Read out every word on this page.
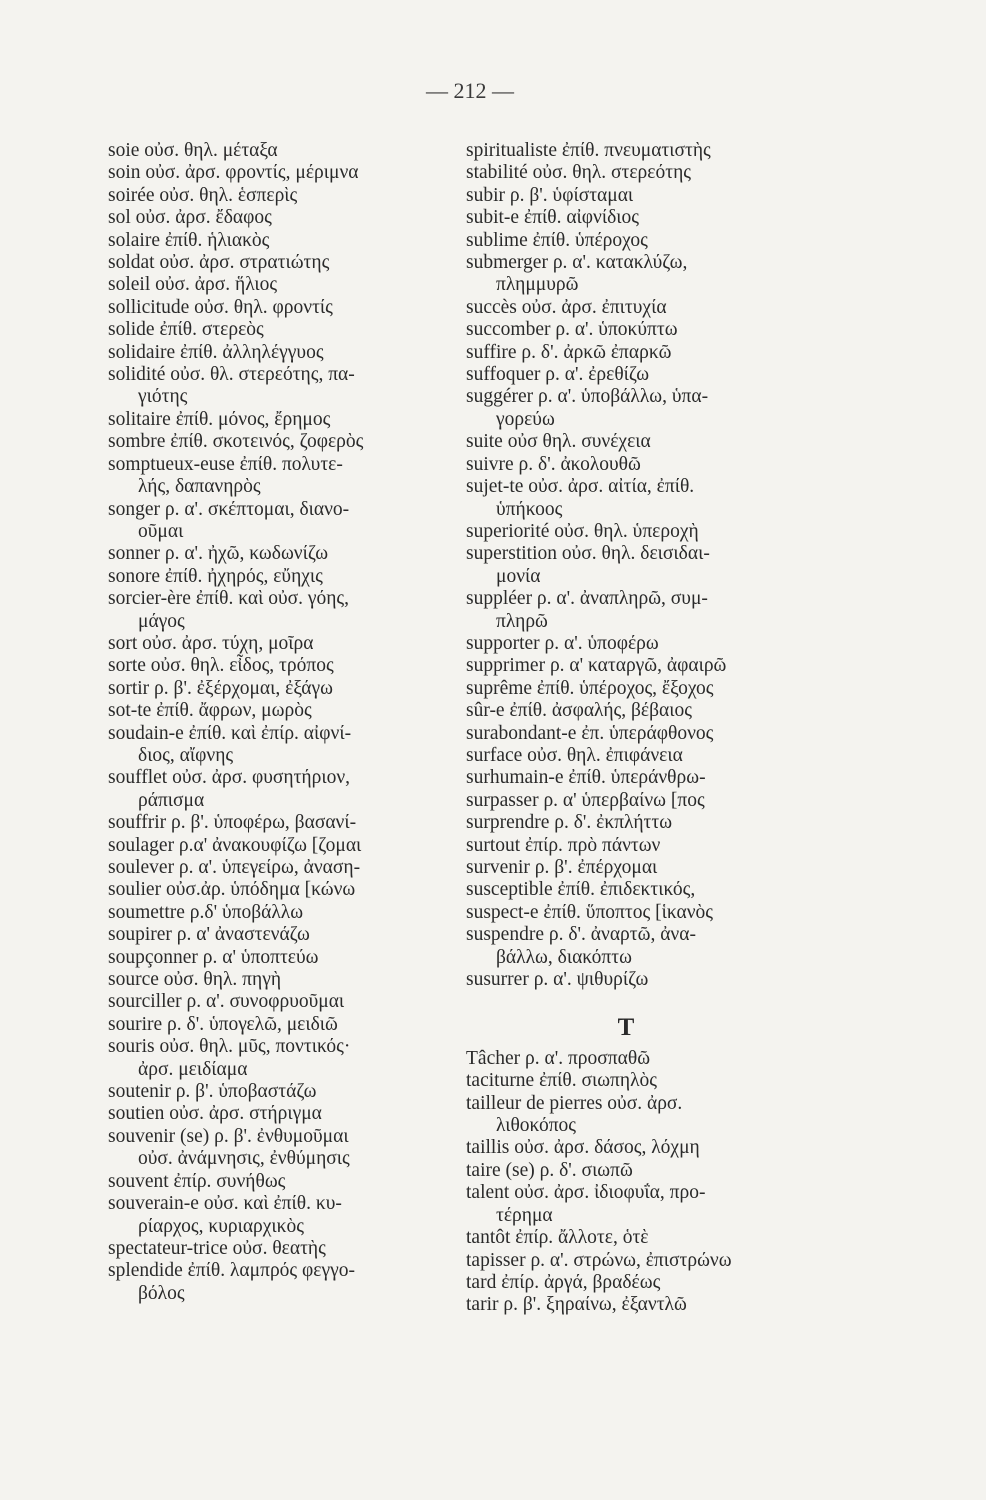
— 212 —
soie οὐσ. θηλ. μέταξα
soin οὐσ. ἀρσ. φροντίς, μέριμνα
soirée οὐσ. θηλ. ἑσπερὶς
sol οὐσ. ἀρσ. ἔδαφος
solaire ἐπίθ. ἡλιακὸς
soldat οὐσ. ἀρσ. στρατιώτης
soleil οὐσ. ἀρσ. ἥλιος
sollicitude οὐσ. θηλ. φροντίς
solide ἐπίθ. στερεὸς
solidaire ἐπίθ. ἀλληλέγγυος
solidité οὐσ. θλ. στερεότης, πα-
γιότης
solitaire ἐπίθ. μόνος, ἔρημος
sombre ἐπίθ. σκοτεινός, ζοφερὸς
somptueux-euse ἐπίθ. πολυτε-
λής, δαπανηρὸς
songer ρ. α'. σκέπτομαι, διανο-
οῦμαι
sonner ρ. α'. ἠχῶ, κωδωνίζω
sonore ἐπίθ. ἠχηρός, εὔηχις
sorcier-ère ἐπίθ. καὶ οὐσ. γόης,
μάγος
sort οὐσ. ἀρσ. τύχη, μοῖρα
sorte οὐσ. θηλ. εἶδος, τρόπος
sortir ρ. β'. ἐξέρχομαι, ἐξάγω
sot-te ἐπίθ. ἄφρων, μωρὸς
soudain-e ἐπίθ. καὶ ἐπίρ. αἰφνί-
διος, αἴφνης
soufflet οὐσ. ἀρσ. φυσητήριον,
ράπισμα
souffrir ρ. β'. ὑποφέρω, βασανί-
soulager ρ.α' ἀνακουφίζω [ζομαι
soulever ρ. α'. ὑπεγείρω, ἀναση-
soulier οὐσ.ἀρ. ὑπόδημα [κώνω
soumettre ρ.δ' ὑποβάλλω
soupirer ρ. α' ἀναστενάζω
soupçonner ρ. α' ὑποπτεύω
source οὐσ. θηλ. πηγὴ
sourciller ρ. α'. συνοφρυοῦμαι
sourire ρ. δ'. ὑπογελῶ, μειδιῶ
souris οὐσ. θηλ. μῦς, ποντικός·
ἀρσ. μειδίαμα
soutenir ρ. β'. ὑποβαστάζω
soutien οὐσ. ἀρσ. στήριγμα
souvenir (se) ρ. β'. ἐνθυμοῦμαι
οὐσ. ἀνάμνησις, ἐνθύμησις
souvent ἐπίρ. συνήθως
souverain-e οὐσ. καὶ ἐπίθ. κυ-
ρίαρχος, κυριαρχικὸς
spectateur-trice οὐσ. θεατὴς
splendide ἐπίθ. λαμπρός φεγγο-
βόλος
spiritualiste ἐπίθ. πνευματιστὴς
stabilité οὐσ. θηλ. στερεότης
subir ρ. β'. ὑφίσταμαι
subit-e ἐπίθ. αἰφνίδιος
sublime ἐπίθ. ὑπέροχος
submerger ρ. α'. κατακλύζω,
πλημμυρῶ
succès οὐσ. ἀρσ. ἐπιτυχία
succomber ρ. α'. ὑποκύπτω
suffire ρ. δ'. ἀρκῶ ἐπαρκῶ
suffoquer ρ. α'. ἐρεθίζω
suggérer ρ. α'. ὑποβάλλω, ὑπα-
γορεύω
suite οὐσ θηλ. συνέχεια
suivre ρ. δ'. ἀκολουθῶ
sujet-te οὐσ. ἀρσ. αἰτία, ἐπίθ.
ὑπήκοος
superiorité οὐσ. θηλ. ὑπεροχὴ
superstition οὐσ. θηλ. δεισιδαι-
μονία
suppléer ρ. α'. ἀναπληρῶ, συμ-
πληρῶ
supporter ρ. α'. ὑποφέρω
supprimer ρ. α' καταργῶ, ἀφαιρῶ
suprême ἐπίθ. ὑπέροχος, ἔξοχος
sûr-e ἐπίθ. ἀσφαλής, βέβαιος
surabondant-e ἐπ. ὑπεράφθονος
surface οὐσ. θηλ. ἐπιφάνεια
surhumain-e ἐπίθ. ὑπεράνθρω-
surpasser ρ. α' ὑπερβαίνω [πος
surprendre ρ. δ'. ἐκπλήττω
surtout ἐπίρ. πρὸ πάντων
survenir ρ. β'. ἐπέρχομαι
susceptible ἐπίθ. ἐπιδεκτικός,
suspect-e ἐπίθ. ὕποπτος [ἱκανὸς
suspendre ρ. δ'. ἀναρτῶ, ἀνα-
βάλλω, διακόπτω
susurrer ρ. α'. ψιθυρίζω
T
Tâcher ρ. α'. προσπαθῶ
taciturne ἐπίθ. σιωπηλὸς
tailleur de pierres οὐσ. ἀρσ.
λιθοκόπος
taillis οὐσ. ἀρσ. δάσος, λόχμη
taire (se) ρ. δ'. σιωπῶ
talent οὐσ. ἀρσ. ἰδιοφυΐα, προ-
τέρημα
tantôt ἐπίρ. ἄλλοτε, ὁτὲ
tapisser ρ. α'. στρώνω, ἐπιστρώνω
tard ἐπίρ. ἀργά, βραδέως
tarir ρ. β'. ξηραίνω, ἐξαντλῶ
